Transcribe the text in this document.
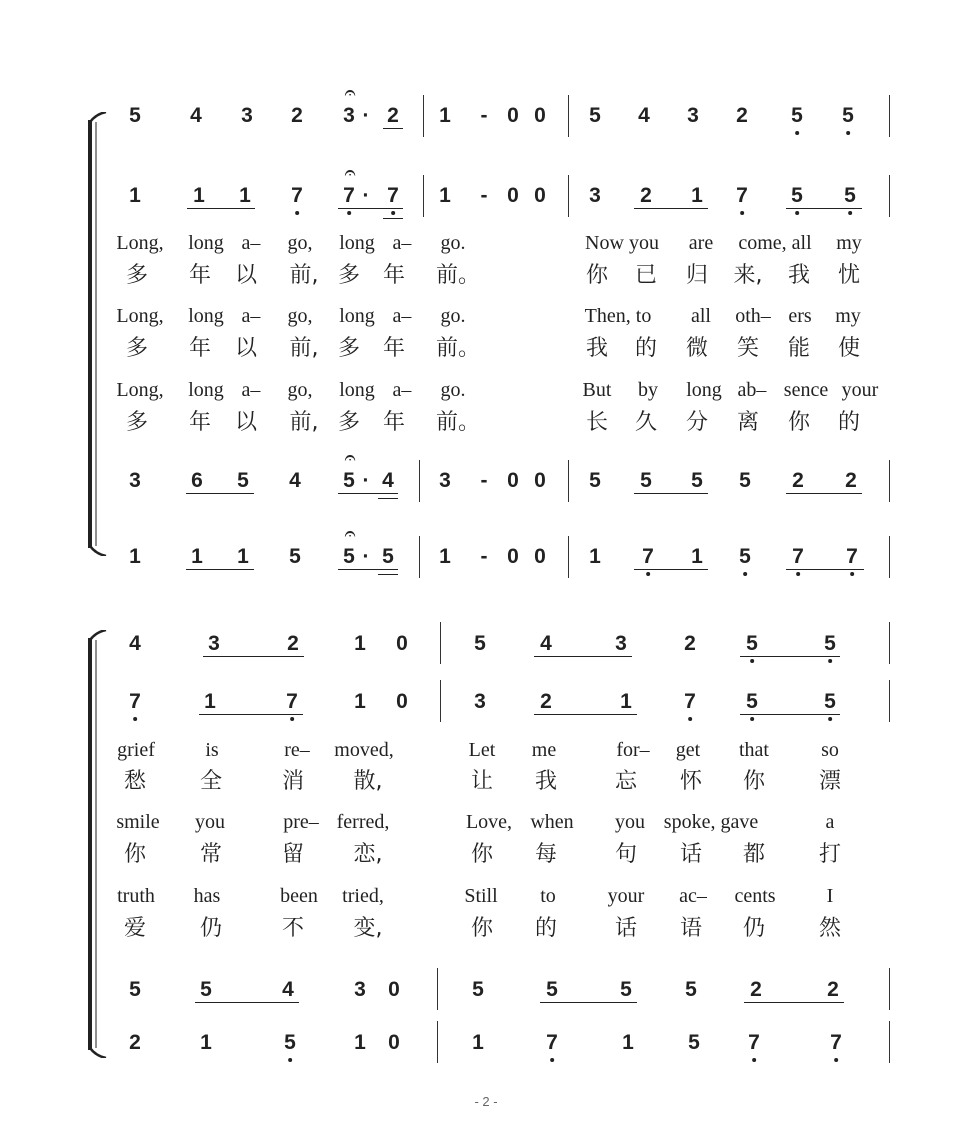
5 4 3 2
𝄐
3 · 2 1 - 0 0 5 4 3 2 5 5
1 1 1 7
𝄐
7 · 7 1 - 0 0 3 2 1 7 5 5
Long, long a– go, long a– go.	Now you are come, all my
多 年 以 前, 多 年 前。	你 已 归 来, 我 忧
Long, long a– go, long a– go.	Then, to all oth– ers my
多 年 以 前, 多 年 前。	我 的 微 笑 能 使
Long, long a– go, long a– go.	But by long ab– sence your
多 年 以 前, 多 年 前。	长 久 分 离 你 的
3 6 5 4
𝄐
5 · 4 3 - 0 0 5 5 5 5 2 2
1 1 1 5
𝄐
5 · 5 1 - 0 0 1 7 1 5 7 7
4	3	2	1 0	5	4	3	2 5	5
7	1	7	1 0	3	2	1 7 5	5
grief	is	re– moved,	Let me	for– get that	so
愁 全	消 散,	让 我	忘 怀 你 漂
smile you	pre– ferred,	Love, when you spoke, gave	a
你 常	留 恋,	你 每	句 话 都 打
truth has	been tried,	Still to	your ac– cents	I
爱 仍	不 变,	你 的	话 语 仍 然
5	5	4	3 0	5	5	5	5	2	2
2	1	5	1 0	1	7	1	5 7	7
- 2 -
